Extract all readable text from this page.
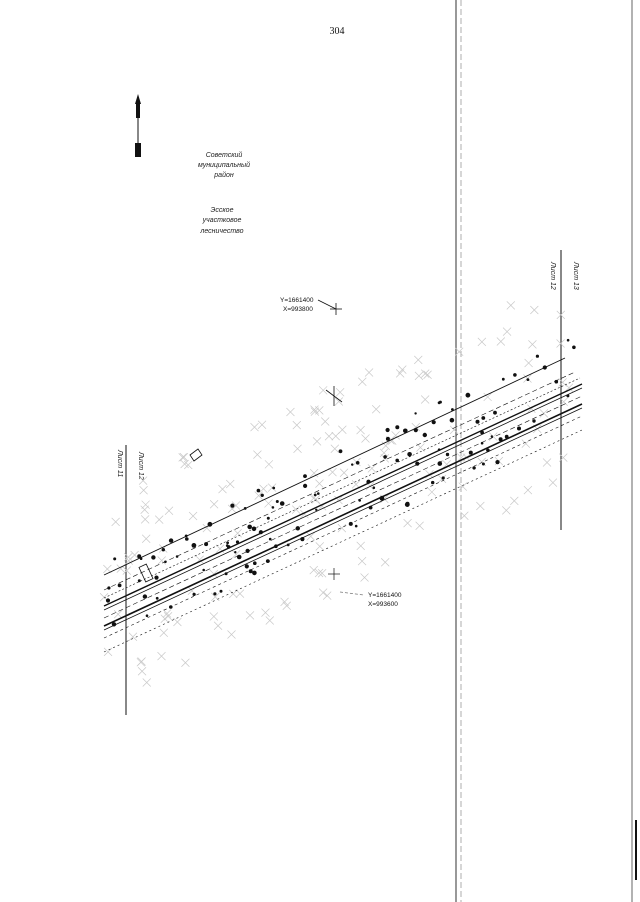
304
Советский
муниципальный
район
Эсское
участковое
лесничество
Y=1661400
X=993800
Y=1661400
X=993600
Лист 12
Лист 11
Лист 13
Лист 12
